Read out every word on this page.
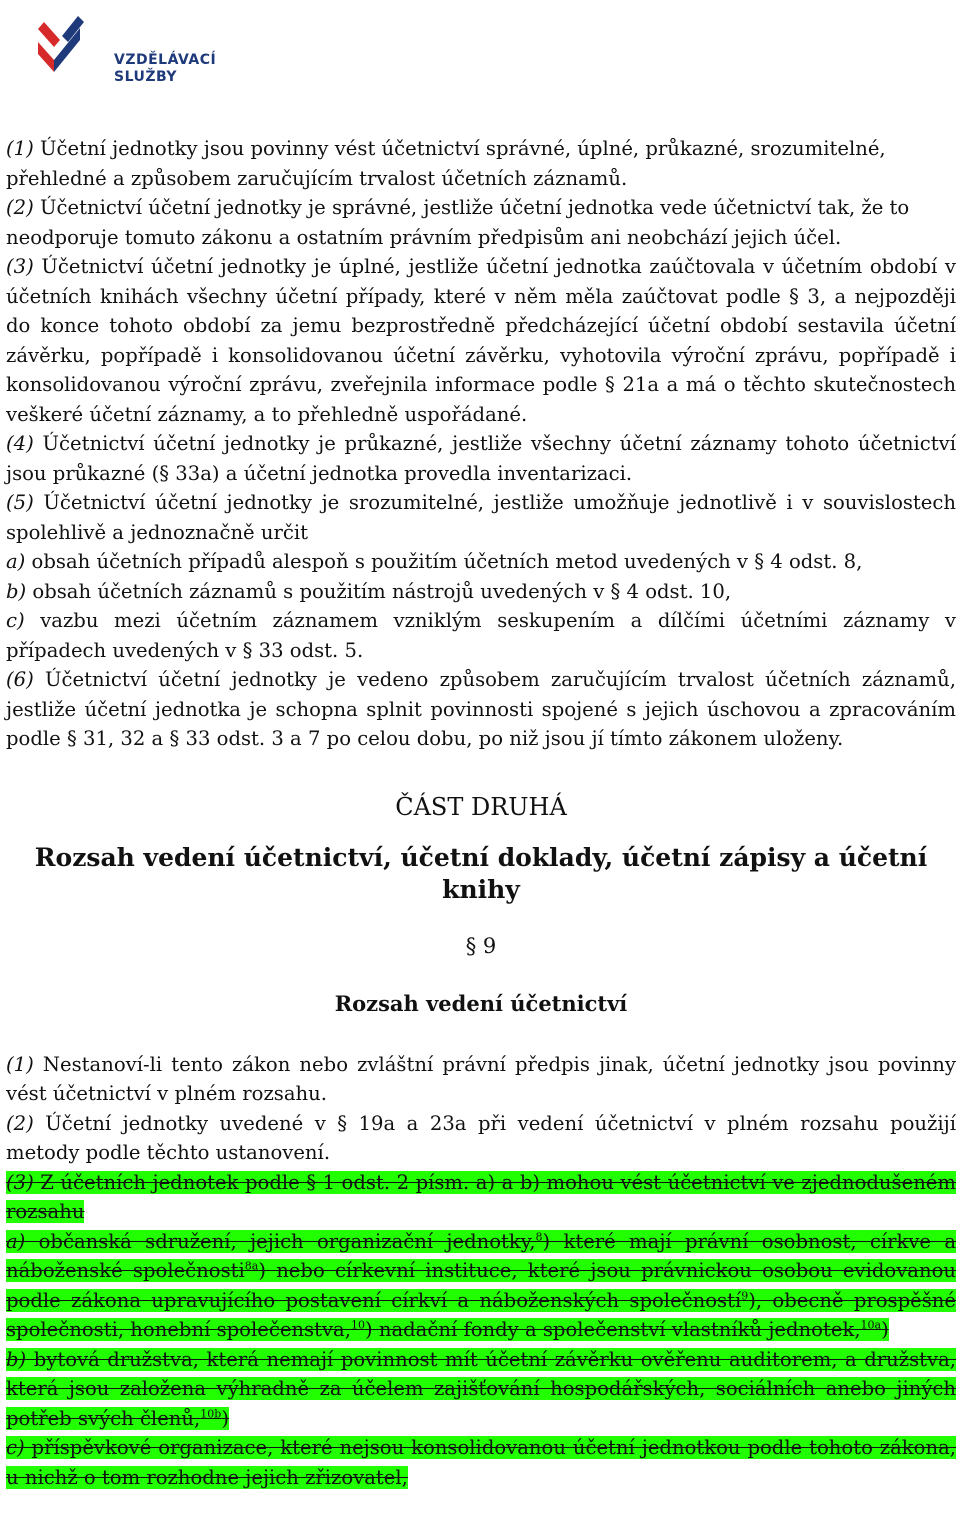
VZDĚLÁVACÍ
SLUŽBY

(1) Účetní jednotky jsou povinny vést účetnictví správné, úplné, průkazné, srozumitelné, přehledné a způsobem zaručujícím trvalost účetních záznamů.

(2) Účetnictví účetní jednotky je správné, jestliže účetní jednotka vede účetnictví tak, že to neodporuje tomuto zákonu a ostatním právním předpisům ani neobchází jejich účel.

(3) Účetnictví účetní jednotky je úplné, jestliže účetní jednotka zaúčtovala v účetním období v účetních knihách všechny účetní případy, které v něm měla zaúčtovat podle § 3, a nejpozději do konce tohoto období za jemu bezprostředně předcházející účetní období sestavila účetní závěrku, popřípadě i konsolidovanou účetní závěrku, vyhotovila výroční zprávu, popřípadě i konsolidovanou výroční zprávu, zveřejnila informace podle § 21a a má o těchto skutečnostech veškeré účetní záznamy, a to přehledně uspořádané.

(4) Účetnictví účetní jednotky je průkazné, jestliže všechny účetní záznamy tohoto účetnictví jsou průkazné (§ 33a) a účetní jednotka provedla inventarizaci.

(5) Účetnictví účetní jednotky je srozumitelné, jestliže umožňuje jednotlivě i v souvislostech spolehlivě a jednoznačně určit

a) obsah účetních případů alespoň s použitím účetních metod uvedených v § 4 odst. 8,

b) obsah účetních záznamů s použitím nástrojů uvedených v § 4 odst. 10,

c) vazbu mezi účetním záznamem vzniklým seskupením a dílčími účetními záznamy v případech uvedených v § 33 odst. 5.

(6) Účetnictví účetní jednotky je vedeno způsobem zaručujícím trvalost účetních záznamů, jestliže účetní jednotka je schopna splnit povinnosti spojené s jejich úschovou a zpracováním podle § 31, 32 a § 33 odst. 3 a 7 po celou dobu, po niž jsou jí tímto zákonem uloženy.

ČÁST DRUHÁ
Rozsah vedení účetnictví, účetní doklady, účetní zápisy a účetní knihy
§ 9
Rozsah vedení účetnictví

(1) Nestanoví-li tento zákon nebo zvláštní právní předpis jinak, účetní jednotky jsou povinny vést účetnictví v plném rozsahu.

(2) Účetní jednotky uvedené v § 19a a 23a při vedení účetnictví v plném rozsahu použijí metody podle těchto ustanovení.

(3) Z účetních jednotek podle § 1 odst. 2 písm. a) a b) mohou vést účetnictví ve zjednodušeném rozsahu

a) občanská sdružení, jejich organizační jednotky,$^8$) které mají právní osobnost, církve a náboženské společnosti$^{8a}$) nebo církevní instituce, které jsou právnickou osobou evidovanou podle zákona upravujícího postavení církví a náboženských společností$^9$), obecně prospěšné společnosti, honební společenstva,$^{10}$) nadační fondy a společenství vlastníků jednotek,$^{10a}$)

b) bytová družstva, která nemají povinnost mít účetní závěrku ověřenu auditorem, a družstva, která jsou založena výhradně za účelem zajišťování hospodářských, sociálních anebo jiných potřeb svých členů,$^{10b}$)

c) příspěvkové organizace, které nejsou konsolidovanou účetní jednotkou podle tohoto zákona, u nichž o tom rozhodne jejich zřizovatel,
